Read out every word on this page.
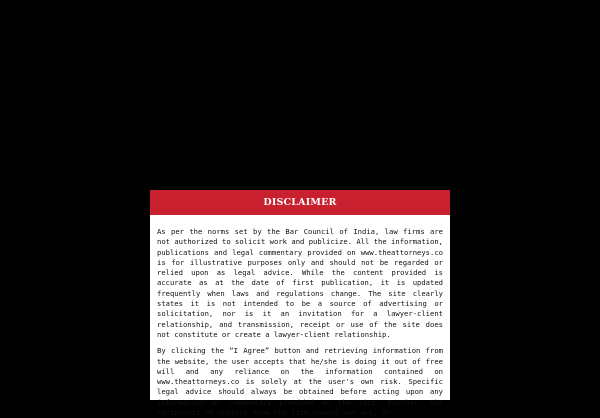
DISCLAIMER

As per the norms set by the Bar Council of India, law firms are not authorized to solicit work and publicize. All the information, publications and legal commentary provided on www.theattorneys.co is for illustrative purposes only and should not be regarded or relied upon as legal advice. While the content provided is accurate as at the date of first publication, it is updated frequently when laws and regulations change. The site clearly states it is not intended to be a source of advertising or solicitation, nor is it an invitation for a lawyer-client relationship, and transmission, receipt or use of the site does not constitute or create a lawyer-client relationship.

By clicking the “I Agree” button and retrieving information from the website, the user accepts that he/she is doing it out of free will and any reliance on the information contained on www.theattorneys.co is solely at the user's own risk. Specific legal advice should always be obtained before acting upon any information or commentary provided on the site. Further, the recipients of content from the site should not act, or
